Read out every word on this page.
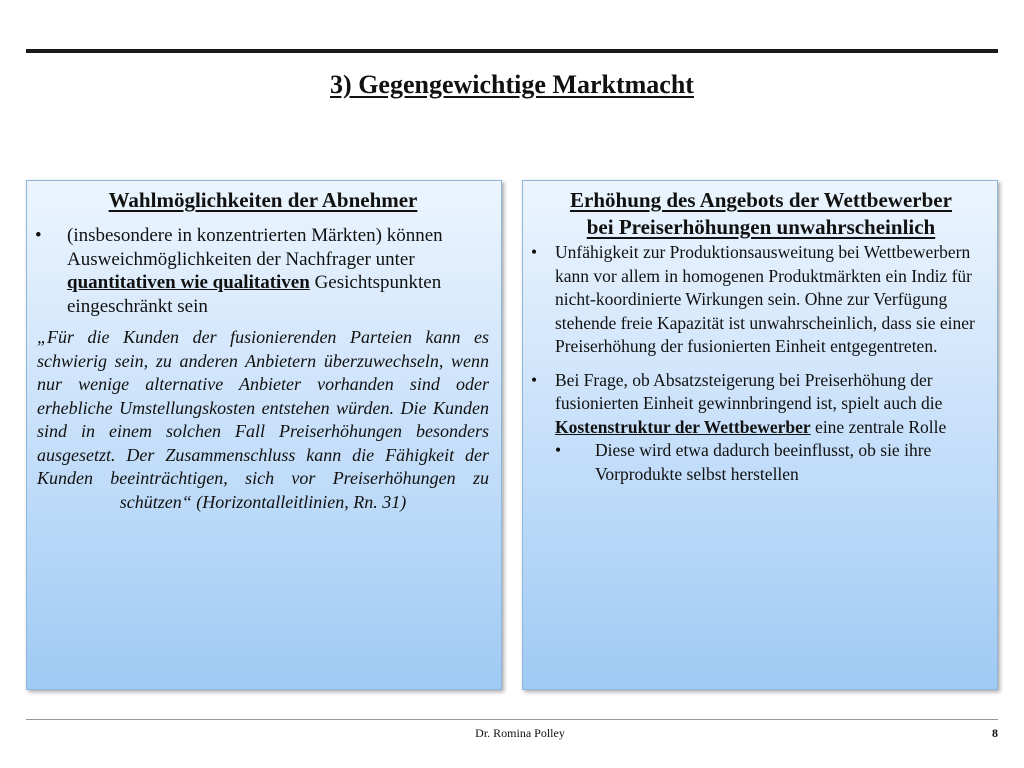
3) Gegengewichtige Marktmacht
Wahlmöglichkeiten der Abnehmer
• (insbesondere in konzentrierten Märkten) können Ausweichmöglichkeiten der Nachfrager unter quantitativen wie qualitativen Gesichtspunkten eingeschränkt sein
„Für die Kunden der fusionierenden Parteien kann es schwierig sein, zu anderen Anbietern überzuwechseln, wenn nur wenige alternative Anbieter vorhanden sind oder erhebliche Umstellungskosten entstehen würden. Die Kunden sind in einem solchen Fall Preiserhöhungen besonders ausgesetzt. Der Zusammenschluss kann die Fähigkeit der Kunden beeinträchtigen, sich vor Preiserhöhungen zu schützen“ (Horizontalleitlinien, Rn. 31)
Erhöhung des Angebots der Wettbewerber
bei Preiserhöhungen unwahrscheinlich
• Unfähigkeit zur Produktionsausweitung bei Wettbewerbern kann vor allem in homogenen Produktmärkten ein Indiz für nicht-koordinierte Wirkungen sein. Ohne zur Verfügung stehende freie Kapazität ist unwahrscheinlich, dass sie einer Preiserhöhung der fusionierten Einheit entgegentreten.
• Bei Frage, ob Absatzsteigerung bei Preiserhöhung der fusionierten Einheit gewinnbringend ist, spielt auch die Kostenstruktur der Wettbewerber eine zentrale Rolle
• Diese wird etwa dadurch beeinflusst, ob sie ihre Vorprodukte selbst herstellen
Dr. Romina Polley	8
